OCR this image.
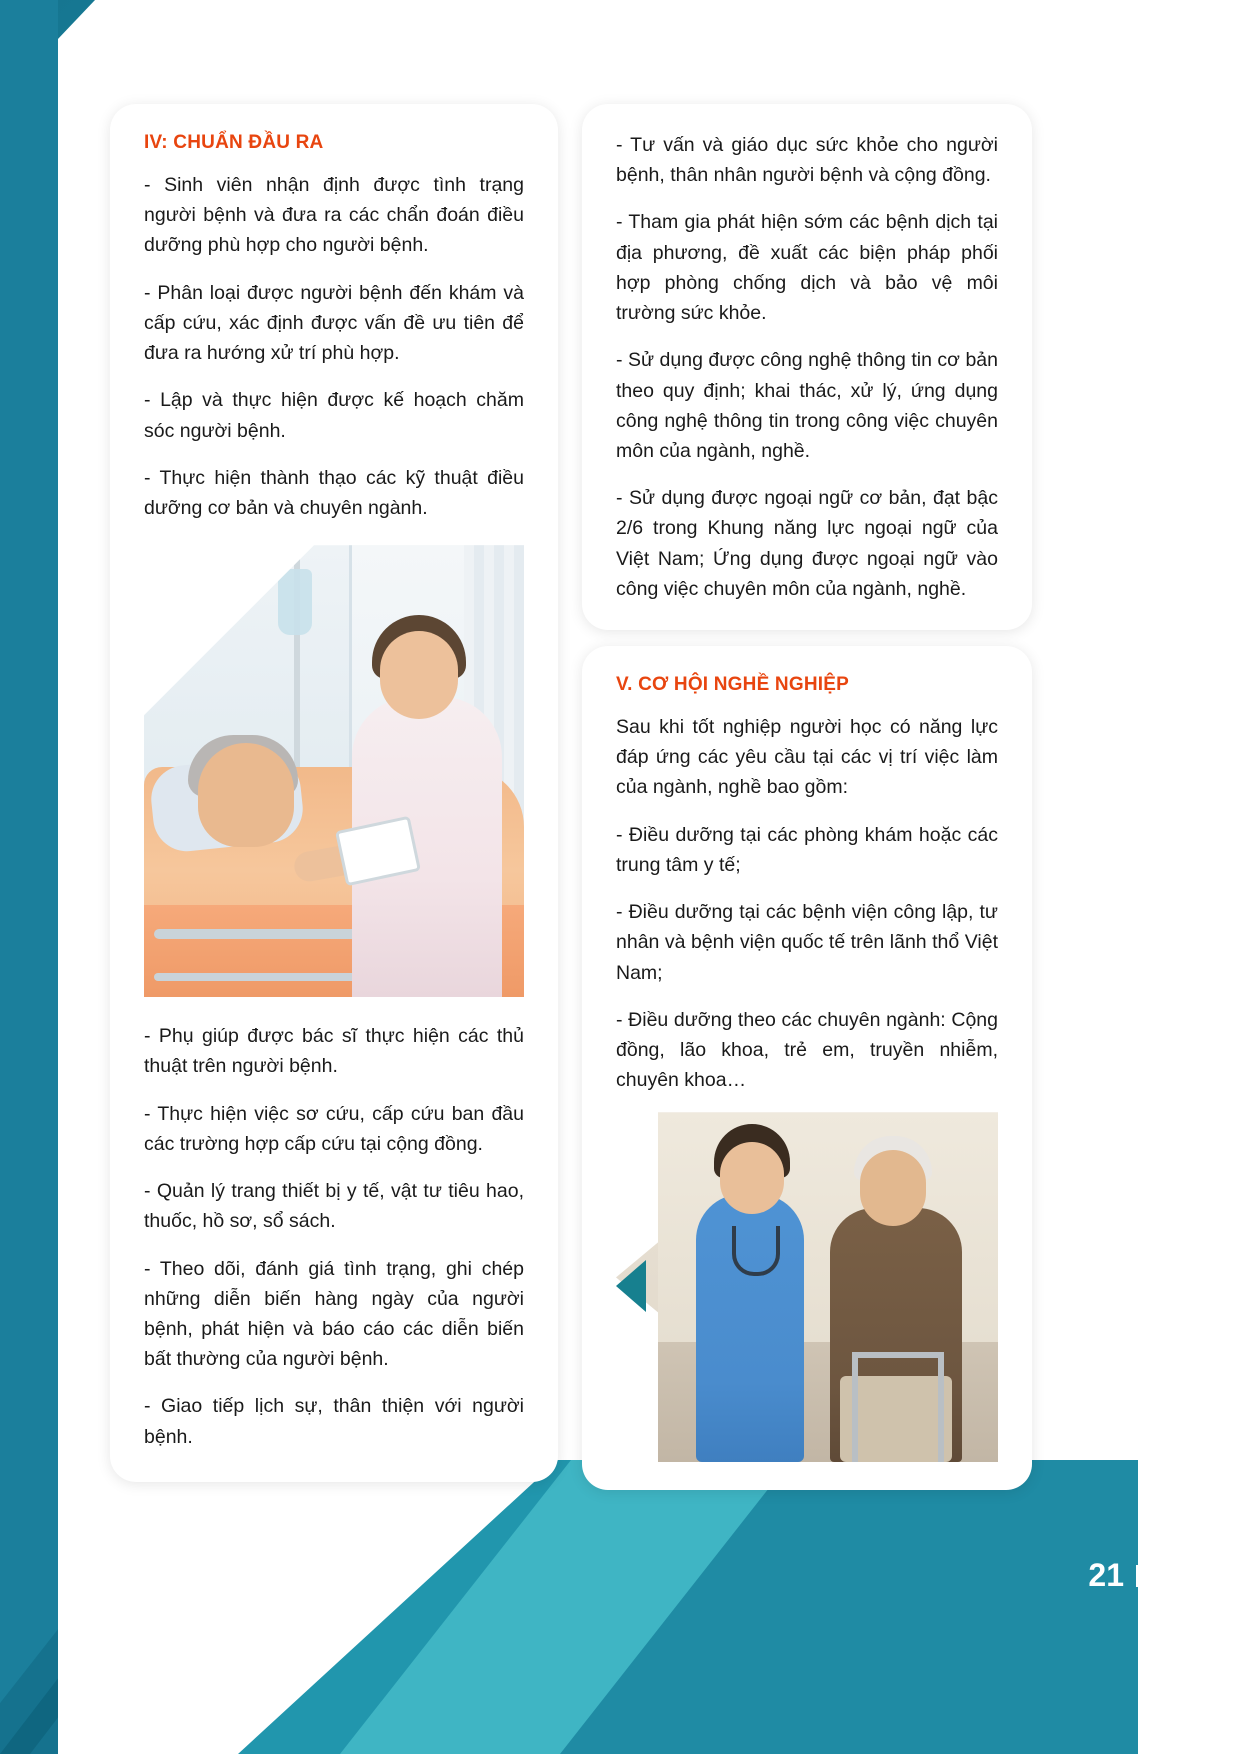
IV: CHUẨN ĐẦU RA

- Sinh viên nhận định được tình trạng người bệnh và đưa ra các chẩn đoán điều dưỡng phù hợp cho người bệnh.

- Phân loại được người bệnh đến khám và cấp cứu, xác định được vấn đề ưu tiên để đưa ra hướng xử trí phù hợp.

- Lập và thực hiện được kế hoạch chăm sóc người bệnh.

- Thực hiện thành thạo các kỹ thuật điều dưỡng cơ bản và chuyên ngành.

- Phụ giúp được bác sĩ thực hiện các thủ thuật trên người bệnh.

- Thực hiện việc sơ cứu, cấp cứu ban đầu các trường hợp cấp cứu tại cộng đồng.

- Quản lý trang thiết bị y tế, vật tư tiêu hao, thuốc, hồ sơ, sổ sách.

- Theo dõi, đánh giá tình trạng, ghi chép những diễn biến hàng ngày của người bệnh, phát hiện và báo cáo các diễn biến bất thường của người bệnh.

- Giao tiếp lịch sự, thân thiện với người bệnh.

- Tư vấn và giáo dục sức khỏe cho người bệnh, thân nhân người bệnh và cộng đồng.

- Tham gia phát hiện sớm các bệnh dịch tại địa phương, đề xuất các biện pháp phối hợp phòng chống dịch và bảo vệ môi trường sức khỏe.

- Sử dụng được công nghệ thông tin cơ bản theo quy định; khai thác, xử lý, ứng dụng công nghệ thông tin trong công việc chuyên môn của ngành, nghề.

- Sử dụng được ngoại ngữ cơ bản, đạt bậc 2/6 trong Khung năng lực ngoại ngữ của Việt Nam; Ứng dụng được ngoại ngữ vào công việc chuyên môn của ngành, nghề.

V. CƠ HỘI NGHỀ NGHIỆP

Sau khi tốt nghiệp người học có năng lực đáp ứng các yêu cầu tại các vị trí việc làm của ngành, nghề bao gồm:

- Điều dưỡng tại các phòng khám hoặc các trung tâm y tế;

- Điều dưỡng tại các bệnh viện công lập, tư nhân và bệnh viện quốc tế trên lãnh thổ Việt Nam;

- Điều dưỡng theo các chuyên ngành: Cộng đồng, lão khoa, trẻ em, truyền nhiễm, chuyên khoa…

21
